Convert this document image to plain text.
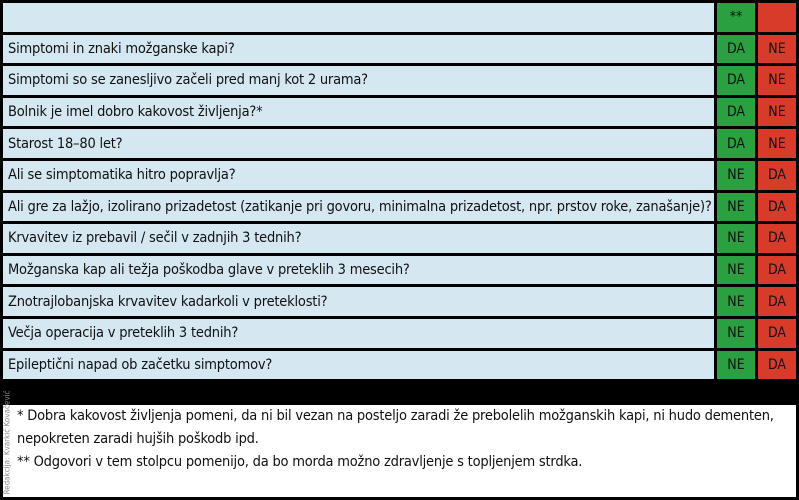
	**	
Simptomi in znaki možganske kapi?	DA	NE
Simptomi so se zanesljivo začeli pred manj kot 2 urama?	DA	NE
Bolnik je imel dobro kakovost življenja?*	DA	NE
Starost 18–80 let?	DA	NE
Ali se simptomatika hitro popravlja?	NE	DA
Ali gre za lažjo, izolirano prizadetost (zatikanje pri govoru, minimalna prizadetost, npr. prstov roke, zanašanje)?	NE	DA
Krvavitev iz prebavil / sečil v zadnjih 3 tednih?	NE	DA
Možganska kap ali težja poškodba glave v preteklih 3 mesecih?	NE	DA
Znotrajlobanjska krvavitev kadarkoli v preteklosti?	NE	DA
Večja operacija v preteklih 3 tednih?	NE	DA
Epileptični napad ob začetku simptomov?	NE	DA

* Dobra kakovost življenja pomeni, da ni bil vezan na posteljo zaradi že prebolelih možganskih kapi, ni hudo dementen,
nepokreten zaradi hujših poškodb ipd.

** Odgovori v tem stolpcu pomenijo, da bo morda možno zdravljenje s topljenjem strdka.

Redakcija: Kvarkić Kovačević
